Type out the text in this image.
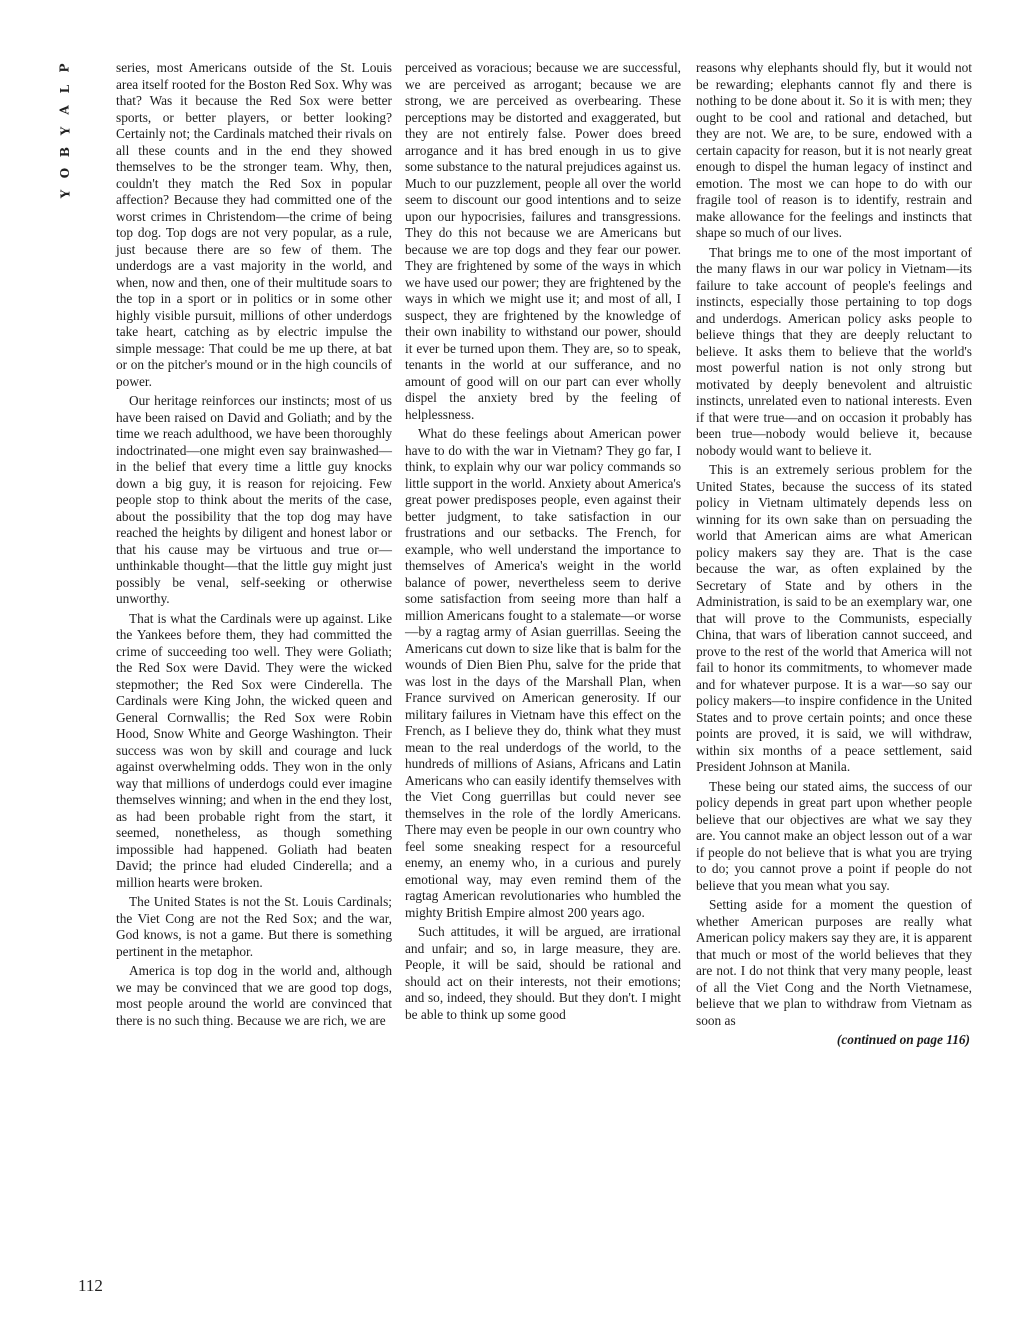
P
L
A
Y
B
O
Y
112

series, most Americans outside of the St. Louis area itself rooted for the Boston Red Sox. Why was that? Was it because the Red Sox were better sports, or better players, or better looking? Certainly not; the Cardinals matched their rivals on all these counts and in the end they showed themselves to be the stronger team. Why, then, couldn't they match the Red Sox in popular affection? Because they had committed one of the worst crimes in Christendom—the crime of being top dog. Top dogs are not very popular, as a rule, just because there are so few of them. The underdogs are a vast majority in the world, and when, now and then, one of their multitude soars to the top in a sport or in politics or in some other highly visible pursuit, millions of other underdogs take heart, catching as by electric impulse the simple message: That could be me up there, at bat or on the pitcher's mound or in the high councils of power.

Our heritage reinforces our instincts; most of us have been raised on David and Goliath; and by the time we reach adulthood, we have been thoroughly indoctrinated—one might even say brainwashed—in the belief that every time a little guy knocks down a big guy, it is reason for rejoicing. Few people stop to think about the merits of the case, about the possibility that the top dog may have reached the heights by diligent and honest labor or that his cause may be virtuous and true or—unthinkable thought—that the little guy might just possibly be venal, self-seeking or otherwise unworthy.

That is what the Cardinals were up against. Like the Yankees before them, they had committed the crime of succeeding too well. They were Goliath; the Red Sox were David. They were the wicked stepmother; the Red Sox were Cinderella. The Cardinals were King John, the wicked queen and General Cornwallis; the Red Sox were Robin Hood, Snow White and George Washington. Their success was won by skill and courage and luck against overwhelming odds. They won in the only way that millions of underdogs could ever imagine themselves winning; and when in the end they lost, as had been probable right from the start, it seemed, nonetheless, as though something impossible had happened. Goliath had beaten David; the prince had eluded Cinderella; and a million hearts were broken.

The United States is not the St. Louis Cardinals; the Viet Cong are not the Red Sox; and the war, God knows, is not a game. But there is something pertinent in the metaphor.

America is top dog in the world and, although we may be convinced that we are good top dogs, most people around the world are convinced that there is no such thing. Because we are rich, we are

perceived as voracious; because we are successful, we are perceived as arrogant; because we are strong, we are perceived as overbearing. These perceptions may be distorted and exaggerated, but they are not entirely false. Power does breed arrogance and it has bred enough in us to give some substance to the natural prejudices against us. Much to our puzzlement, people all over the world seem to discount our good intentions and to seize upon our hypocrisies, failures and transgressions. They do this not because we are Americans but because we are top dogs and they fear our power. They are frightened by some of the ways in which we have used our power; they are frightened by the ways in which we might use it; and most of all, I suspect, they are frightened by the knowledge of their own inability to withstand our power, should it ever be turned upon them. They are, so to speak, tenants in the world at our sufferance, and no amount of good will on our part can ever wholly dispel the anxiety bred by the feeling of helplessness.

What do these feelings about American power have to do with the war in Vietnam? They go far, I think, to explain why our war policy commands so little support in the world. Anxiety about America's great power predisposes people, even against their better judgment, to take satisfaction in our frustrations and our setbacks. The French, for example, who well understand the importance to themselves of America's weight in the world balance of power, nevertheless seem to derive some satisfaction from seeing more than half a million Americans fought to a stalemate—or worse—by a ragtag army of Asian guerrillas. Seeing the Americans cut down to size like that is balm for the wounds of Dien Bien Phu, salve for the pride that was lost in the days of the Marshall Plan, when France survived on American generosity. If our military failures in Vietnam have this effect on the French, as I believe they do, think what they must mean to the real underdogs of the world, to the hundreds of millions of Asians, Africans and Latin Americans who can easily identify themselves with the Viet Cong guerrillas but could never see themselves in the role of the lordly Americans. There may even be people in our own country who feel some sneaking respect for a resourceful enemy, an enemy who, in a curious and purely emotional way, may even remind them of the ragtag American revolutionaries who humbled the mighty British Empire almost 200 years ago.

Such attitudes, it will be argued, are irrational and unfair; and so, in large measure, they are. People, it will be said, should be rational and should act on their interests, not their emotions; and so, indeed, they should. But they don't. I might be able to think up some good

reasons why elephants should fly, but it would not be rewarding; elephants cannot fly and there is nothing to be done about it. So it is with men; they ought to be cool and rational and detached, but they are not. We are, to be sure, endowed with a certain capacity for reason, but it is not nearly great enough to dispel the human legacy of instinct and emotion. The most we can hope to do with our fragile tool of reason is to identify, restrain and make allowance for the feelings and instincts that shape so much of our lives.

That brings me to one of the most important of the many flaws in our war policy in Vietnam—its failure to take account of people's feelings and instincts, especially those pertaining to top dogs and underdogs. American policy asks people to believe things that they are deeply reluctant to believe. It asks them to believe that the world's most powerful nation is not only strong but motivated by deeply benevolent and altruistic instincts, unrelated even to national interests. Even if that were true—and on occasion it probably has been true—nobody would believe it, because nobody would want to believe it.

This is an extremely serious problem for the United States, because the success of its stated policy in Vietnam ultimately depends less on winning for its own sake than on persuading the world that American aims are what American policy makers say they are. That is the case because the war, as often explained by the Secretary of State and by others in the Administration, is said to be an exemplary war, one that will prove to the Communists, especially China, that wars of liberation cannot succeed, and prove to the rest of the world that America will not fail to honor its commitments, to whomever made and for whatever purpose. It is a war—so say our policy makers—to inspire confidence in the United States and to prove certain points; and once these points are proved, it is said, we will withdraw, within six months of a peace settlement, said President Johnson at Manila.

These being our stated aims, the success of our policy depends in great part upon whether people believe that our objectives are what we say they are. You cannot make an object lesson out of a war if people do not believe that is what you are trying to do; you cannot prove a point if people do not believe that you mean what you say.

Setting aside for a moment the question of whether American purposes are really what American policy makers say they are, it is apparent that much or most of the world believes that they are not. I do not think that very many people, least of all the Viet Cong and the North Vietnamese, believe that we plan to withdraw from Vietnam as soon as

(continued on page 116)
